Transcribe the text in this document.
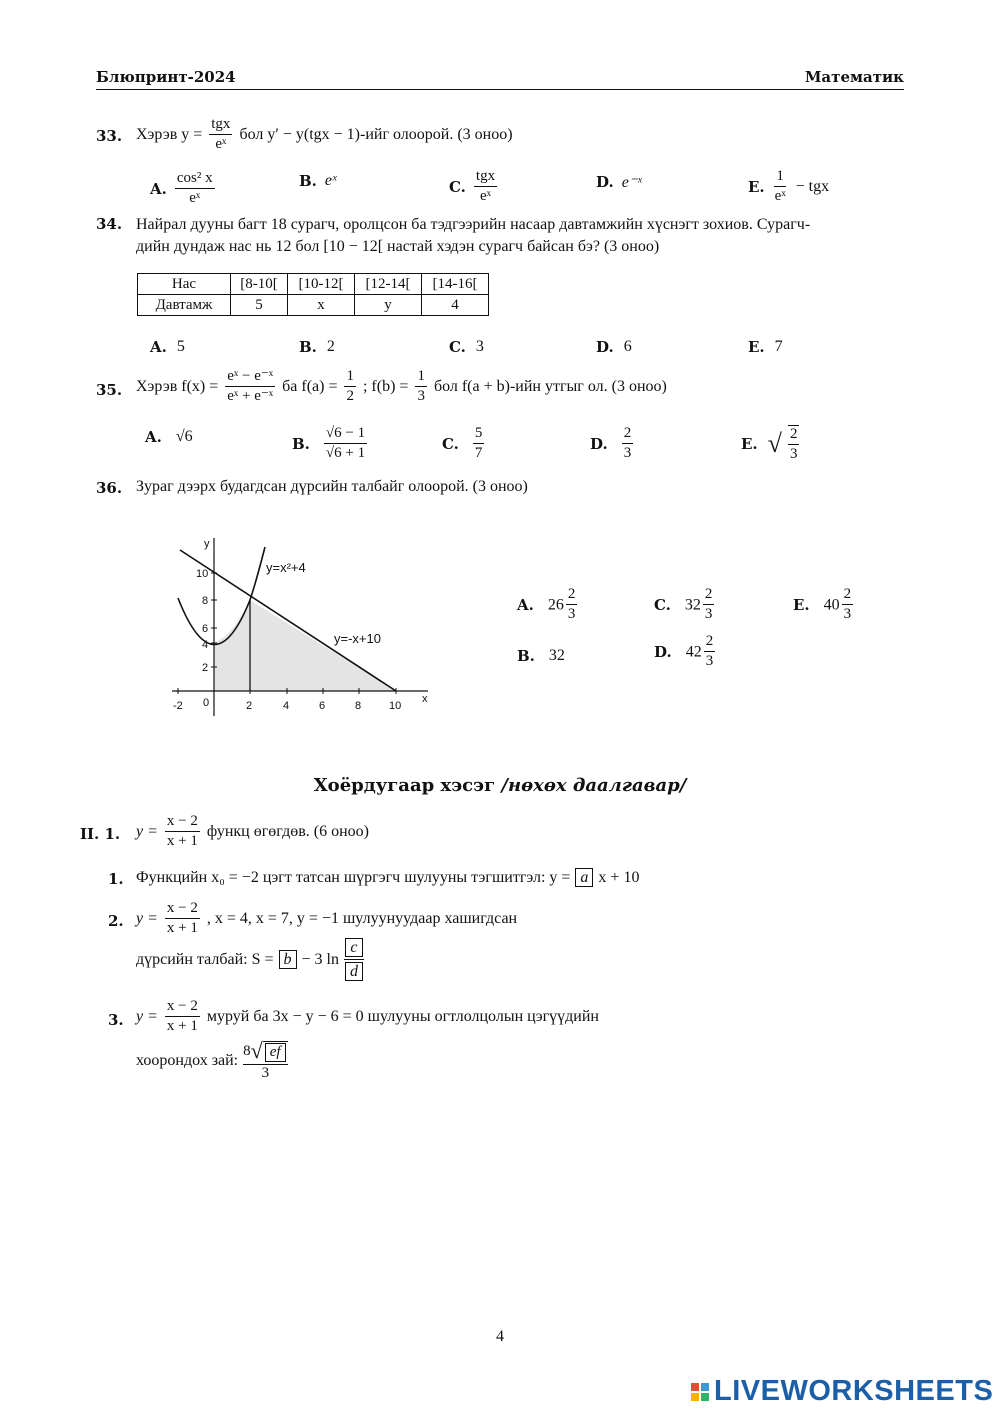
Блюпринт-2024	Математик
33. Хэрэв $y = \frac{\text{tgx}}{\text{eˣ}}$ бол y′ − y(tgx − 1)-ийг олоорой. (3 оноо)
A. $\frac{\text{cos² x}}{\text{eˣ}}$	B. eˣ	C. $\frac{\text{tgx}}{\text{eˣ}}$	D. e⁻ˣ	E. $\frac{1}{\text{eˣ}}$ − tgx
34. Найрал дууны багт 18 сурагч, оролцсон ба тэдгээрийн насаар давтамжийн хүснэгт зохиов. Сурагч-
дийн дундаж нас нь 12 бол [10 − 12[ настай хэдэн сурагч байсан бэ? (3 оноо)
Нас	[8-10[	[10-12[	[12-14[	[14-16[
Давтамж	5	x	y	4
A. 5	B. 2	C. 3	D. 6	E. 7
35. Хэрэв $f(x) = \frac{\text{eˣ − e⁻ˣ}}{\text{eˣ + e⁻ˣ}}$ ба $f(a) = \frac{1}{2}$ ; $f(b) = \frac{1}{3}$ бол f(a + b)-ийн утгыг ол. (3 оноо)
A. √6	B. $\frac{√6 - 1}{√6 + 1}$	C. $\frac{5}{7}$	D. $\frac{2}{3}$	E. √ $\frac{2}{3}$
36. Зураг дээрх будагдсан дүрсийн талбайг олоорой. (3 оноо)
y
x
y=x²+4
y=-x+10
-2 0	2	4	6	8	10
10
8
6
4
2
A. $26 \frac{2}{3}$
B. 32
C. $32 \frac{2}{3}$
D. $42 \frac{2}{3}$
E. $40 \frac{2}{3}$
Хоёрдугаар хэсэг /нөхөх даалгавар/
II. 1. $y = \frac{x - 2}{x + 1}$ функц өгөгдөв. (6 оноо)
1. Функцийн x₀ = −2 цэгт татсан шүргэгч шулууны тэгшитгэл: y = a x + 10
2. $y = \frac{x - 2}{x + 1}$ , x = 4, x = 7, y = −1 шулуунуудаар хашигдсан
дүрсийн талбай: S = b − 3 ln
c
d
3. $y = \frac{x - 2}{x + 1}$ муруй ба 3x − y − 6 = 0 шулууны огтлолцолын цэгүүдийн
хоорондох зай:
8 √ ef
3
4
LIVEWORKSHEETS
